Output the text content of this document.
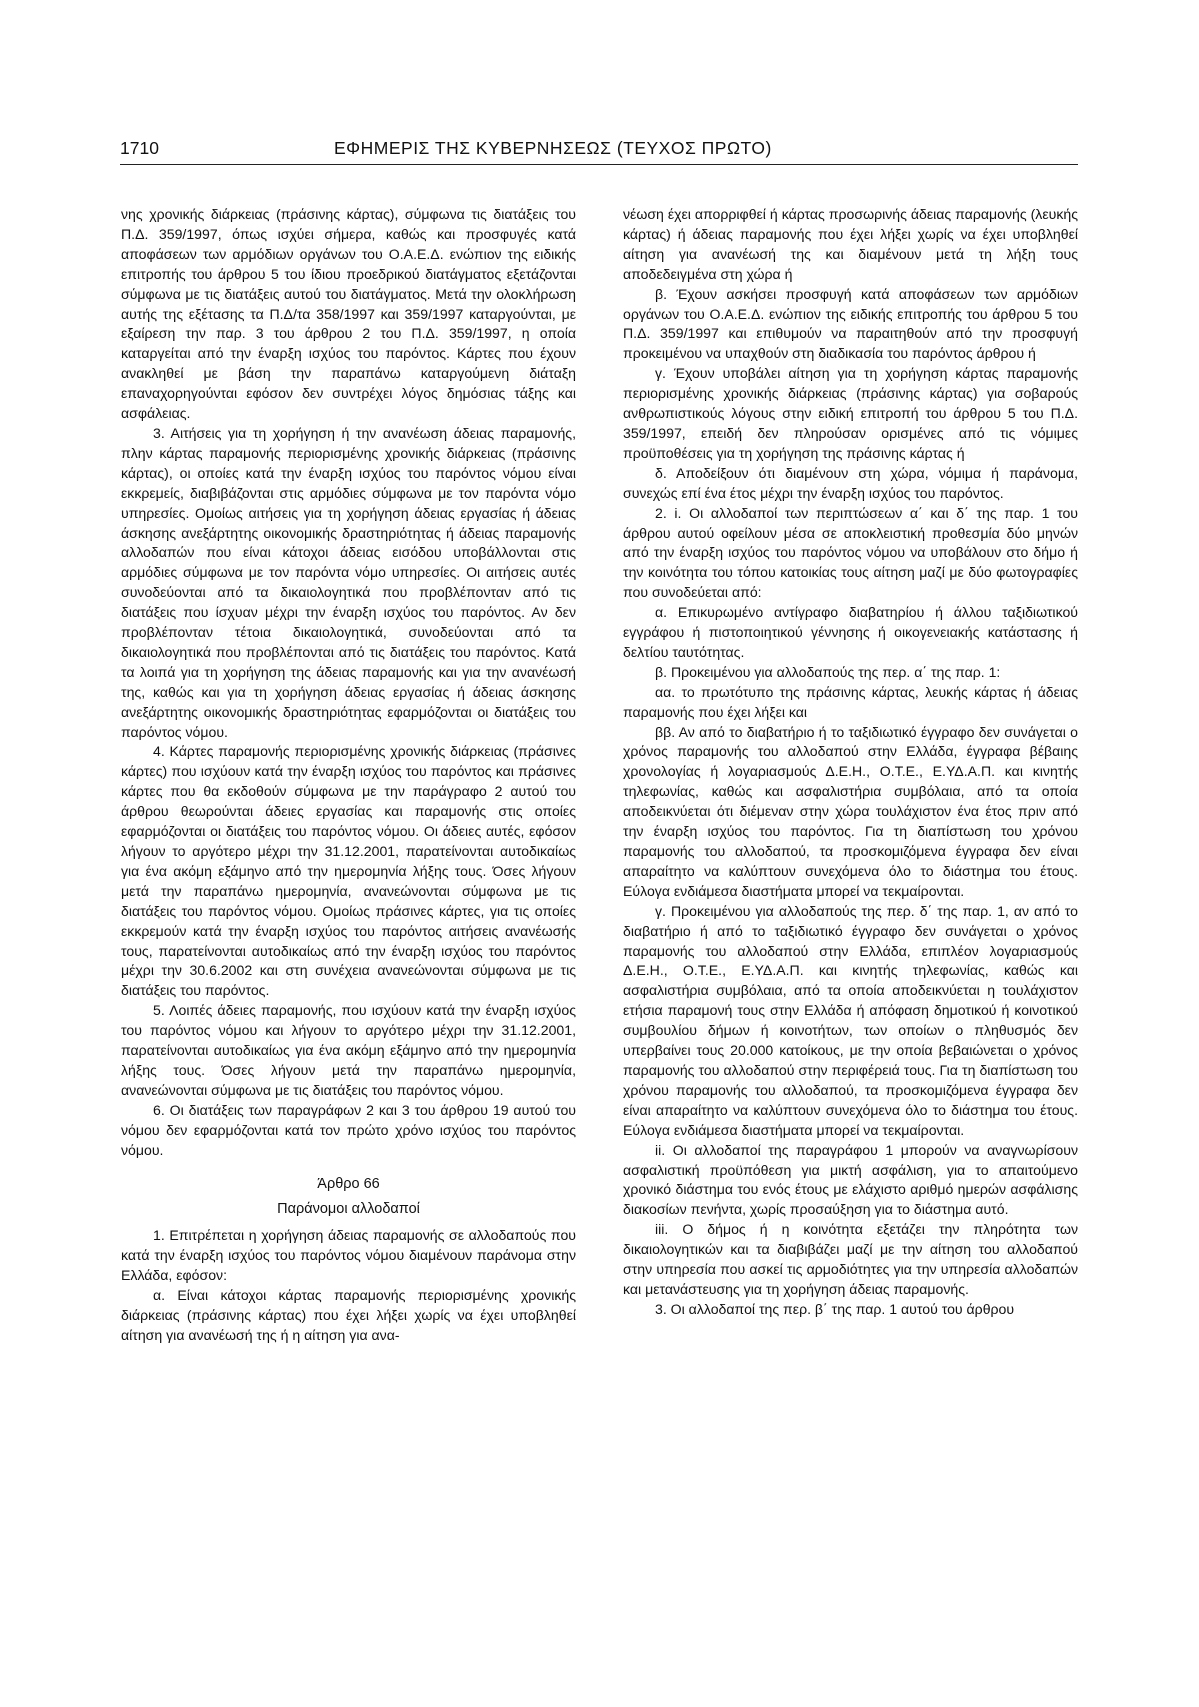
1710	ΕΦΗΜΕΡΙΣ ΤΗΣ ΚΥΒΕΡΝΗΣΕΩΣ (ΤΕΥΧΟΣ ΠΡΩΤΟ)

νης χρονικής διάρκειας (πράσινης κάρτας), σύμφωνα τις διατάξεις του Π.Δ. 359/1997, όπως ισχύει σήμερα, καθώς και προσφυγές κατά αποφάσεων των αρμόδιων οργάνων του Ο.Α.Ε.Δ. ενώπιον της ειδικής επιτροπής του άρθρου 5 του ίδιου προεδρικού διατάγματος εξετάζονται σύμφωνα με τις διατάξεις αυτού του διατάγματος. Μετά την ολοκλήρωση αυτής της εξέτασης τα Π.Δ/τα 358/1997 και 359/1997 καταργούνται, με εξαίρεση την παρ. 3 του άρθρου 2 του Π.Δ. 359/1997, η οποία καταργείται από την έναρξη ισχύος του παρόντος. Κάρτες που έχουν ανακληθεί με βάση την παραπάνω καταργούμενη διάταξη επαναχορηγούνται εφόσον δεν συντρέχει λόγος δημόσιας τάξης και ασφάλειας.

3. Αιτήσεις για τη χορήγηση ή την ανανέωση άδειας παραμονής, πλην κάρτας παραμονής περιορισμένης χρονικής διάρκειας (πράσινης κάρτας), οι οποίες κατά την έναρξη ισχύος του παρόντος νόμου είναι εκκρεμείς, διαβιβάζονται στις αρμόδιες σύμφωνα με τον παρόντα νόμο υπηρεσίες. Ομοίως αιτήσεις για τη χορήγηση άδειας εργασίας ή άδειας άσκησης ανεξάρτητης οικονομικής δραστηριότητας ή άδειας παραμονής αλλοδαπών που είναι κάτοχοι άδειας εισόδου υποβάλλονται στις αρμόδιες σύμφωνα με τον παρόντα νόμο υπηρεσίες. Οι αιτήσεις αυτές συνοδεύονται από τα δικαιολογητικά που προβλέπονταν από τις διατάξεις που ίσχυαν μέχρι την έναρξη ισχύος του παρόντος. Αν δεν προβλέπονταν τέτοια δικαιολογητικά, συνοδεύονται από τα δικαιολογητικά που προβλέπονται από τις διατάξεις του παρόντος. Κατά τα λοιπά για τη χορήγηση της άδειας παραμονής και για την ανανέωσή της, καθώς και για τη χορήγηση άδειας εργασίας ή άδειας άσκησης ανεξάρτητης οικονομικής δραστηριότητας εφαρμόζονται οι διατάξεις του παρόντος νόμου.

4. Κάρτες παραμονής περιορισμένης χρονικής διάρκειας (πράσινες κάρτες) που ισχύουν κατά την έναρξη ισχύος του παρόντος και πράσινες κάρτες που θα εκδοθούν σύμφωνα με την παράγραφο 2 αυτού του άρθρου θεωρούνται άδειες εργασίας και παραμονής στις οποίες εφαρμόζονται οι διατάξεις του παρόντος νόμου. Οι άδειες αυτές, εφόσον λήγουν το αργότερο μέχρι την 31.12.2001, παρατείνονται αυτοδικαίως για ένα ακόμη εξάμηνο από την ημερομηνία λήξης τους. Όσες λήγουν μετά την παραπάνω ημερομηνία, ανανεώνονται σύμφωνα με τις διατάξεις του παρόντος νόμου. Ομοίως πράσινες κάρτες, για τις οποίες εκκρεμούν κατά την έναρξη ισχύος του παρόντος αιτήσεις ανανέωσής τους, παρατείνονται αυτοδικαίως από την έναρξη ισχύος του παρόντος μέχρι την 30.6.2002 και στη συνέχεια ανανεώνονται σύμφωνα με τις διατάξεις του παρόντος.

5. Λοιπές άδειες παραμονής, που ισχύουν κατά την έναρξη ισχύος του παρόντος νόμου και λήγουν το αργότερο μέχρι την 31.12.2001, παρατείνονται αυτοδικαίως για ένα ακόμη εξάμηνο από την ημερομηνία λήξης τους. Όσες λήγουν μετά την παραπάνω ημερομηνία, ανανεώνονται σύμφωνα με τις διατάξεις του παρόντος νόμου.

6. Οι διατάξεις των παραγράφων 2 και 3 του άρθρου 19 αυτού του νόμου δεν εφαρμόζονται κατά τον πρώτο χρόνο ισχύος του παρόντος νόμου.

Άρθρο 66

Παράνομοι αλλοδαποί

1. Επιτρέπεται η χορήγηση άδειας παραμονής σε αλλοδαπούς που κατά την έναρξη ισχύος του παρόντος νόμου διαμένουν παράνομα στην Ελλάδα, εφόσον:

α. Είναι κάτοχοι κάρτας παραμονής περιορισμένης χρονικής διάρκειας (πράσινης κάρτας) που έχει λήξει χωρίς να έχει υποβληθεί αίτηση για ανανέωσή της ή η αίτηση για ανα-

νέωση έχει απορριφθεί ή κάρτας προσωρινής άδειας παραμονής (λευκής κάρτας) ή άδειας παραμονής που έχει λήξει χωρίς να έχει υποβληθεί αίτηση για ανανέωσή της και διαμένουν μετά τη λήξη τους αποδεδειγμένα στη χώρα ή

β. Έχουν ασκήσει προσφυγή κατά αποφάσεων των αρμόδιων οργάνων του Ο.Α.Ε.Δ. ενώπιον της ειδικής επιτροπής του άρθρου 5 του Π.Δ. 359/1997 και επιθυμούν να παραιτηθούν από την προσφυγή προκειμένου να υπαχθούν στη διαδικασία του παρόντος άρθρου ή

γ. Έχουν υποβάλει αίτηση για τη χορήγηση κάρτας παραμονής περιορισμένης χρονικής διάρκειας (πράσινης κάρτας) για σοβαρούς ανθρωπιστικούς λόγους στην ειδική επιτροπή του άρθρου 5 του Π.Δ. 359/1997, επειδή δεν πληρούσαν ορισμένες από τις νόμιμες προϋποθέσεις για τη χορήγηση της πράσινης κάρτας ή

δ. Αποδείξουν ότι διαμένουν στη χώρα, νόμιμα ή παράνομα, συνεχώς επί ένα έτος μέχρι την έναρξη ισχύος του παρόντος.

2. i. Οι αλλοδαποί των περιπτώσεων α΄ και δ΄ της παρ. 1 του άρθρου αυτού οφείλουν μέσα σε αποκλειστική προθεσμία δύο μηνών από την έναρξη ισχύος του παρόντος νόμου να υποβάλουν στο δήμο ή την κοινότητα του τόπου κατοικίας τους αίτηση μαζί με δύο φωτογραφίες που συνοδεύεται από:

α. Επικυρωμένο αντίγραφο διαβατηρίου ή άλλου ταξιδιωτικού εγγράφου ή πιστοποιητικού γέννησης ή οικογενειακής κατάστασης ή δελτίου ταυτότητας.

β. Προκειμένου για αλλοδαπούς της περ. α΄ της παρ. 1:

αα. το πρωτότυπο της πράσινης κάρτας, λευκής κάρτας ή άδειας παραμονής που έχει λήξει και

ββ. Αν από το διαβατήριο ή το ταξιδιωτικό έγγραφο δεν συνάγεται ο χρόνος παραμονής του αλλοδαπού στην Ελλάδα, έγγραφα βέβαιης χρονολογίας ή λογαριασμούς Δ.Ε.Η., Ο.Τ.Ε., Ε.ΥΔ.Α.Π. και κινητής τηλεφωνίας, καθώς και ασφαλιστήρια συμβόλαια, από τα οποία αποδεικνύεται ότι διέμεναν στην χώρα τουλάχιστον ένα έτος πριν από την έναρξη ισχύος του παρόντος. Για τη διαπίστωση του χρόνου παραμονής του αλλοδαπού, τα προσκομιζόμενα έγγραφα δεν είναι απαραίτητο να καλύπτουν συνεχόμενα όλο το διάστημα του έτους. Εύλογα ενδιάμεσα διαστήματα μπορεί να τεκμαίρονται.

γ. Προκειμένου για αλλοδαπούς της περ. δ΄ της παρ. 1, αν από το διαβατήριο ή από το ταξιδιωτικό έγγραφο δεν συνάγεται ο χρόνος παραμονής του αλλοδαπού στην Ελλάδα, επιπλέον λογαριασμούς Δ.Ε.Η., Ο.Τ.Ε., Ε.ΥΔ.Α.Π. και κινητής τηλεφωνίας, καθώς και ασφαλιστήρια συμβόλαια, από τα οποία αποδεικνύεται η τουλάχιστον ετήσια παραμονή τους στην Ελλάδα ή απόφαση δημοτικού ή κοινοτικού συμβουλίου δήμων ή κοινοτήτων, των οποίων ο πληθυσμός δεν υπερβαίνει τους 20.000 κατοίκους, με την οποία βεβαιώνεται ο χρόνος παραμονής του αλλοδαπού στην περιφέρειά τους. Για τη διαπίστωση του χρόνου παραμονής του αλλοδαπού, τα προσκομιζόμενα έγγραφα δεν είναι απαραίτητο να καλύπτουν συνεχόμενα όλο το διάστημα του έτους. Εύλογα ενδιάμεσα διαστήματα μπορεί να τεκμαίρονται.

ii. Οι αλλοδαποί της παραγράφου 1 μπορούν να αναγνωρίσουν ασφαλιστική προϋπόθεση για μικτή ασφάλιση, για το απαιτούμενο χρονικό διάστημα του ενός έτους με ελάχιστο αριθμό ημερών ασφάλισης διακοσίων πενήντα, χωρίς προσαύξηση για το διάστημα αυτό.

iii. Ο δήμος ή η κοινότητα εξετάζει την πληρότητα των δικαιολογητικών και τα διαβιβάζει μαζί με την αίτηση του αλλοδαπού στην υπηρεσία που ασκεί τις αρμοδιότητες για την υπηρεσία αλλοδαπών και μετανάστευσης για τη χορήγηση άδειας παραμονής.

3. Οι αλλοδαποί της περ. β΄ της παρ. 1 αυτού του άρθρου
